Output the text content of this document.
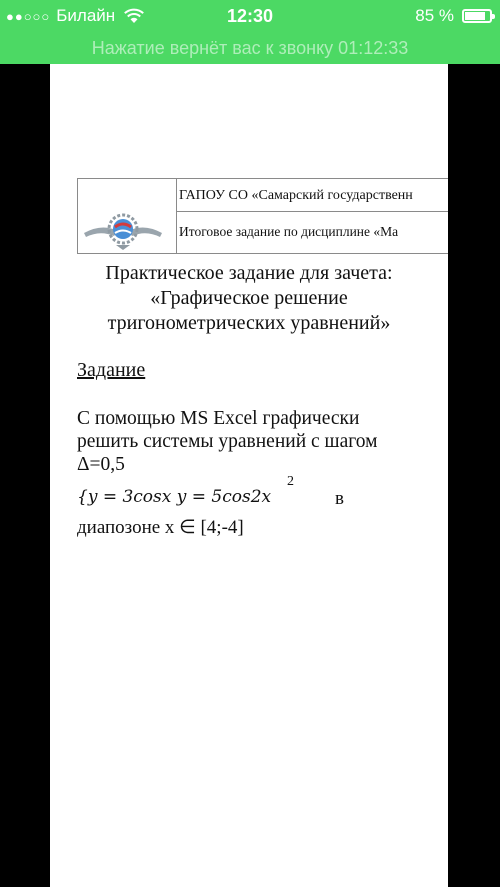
●●○○○ Билайн	12:30	85 %
Нажатие вернёт вас к звонку 01:12:33
ГАПОУ СО «Самарский государственн
Итоговое задание по дисциплине «Ма
Практическое задание для зачета:
«Графическое решение
тригонометрических уравнений»
Задание
С помощью MS Excel графически решить системы уравнений с шагом Δ=0,5
{𝑦 = 3𝑐𝑜𝑠𝑥 𝑦 = 5𝑐𝑜𝑠2𝑥
2
в
диапозоне x ∈ [4;-4]
